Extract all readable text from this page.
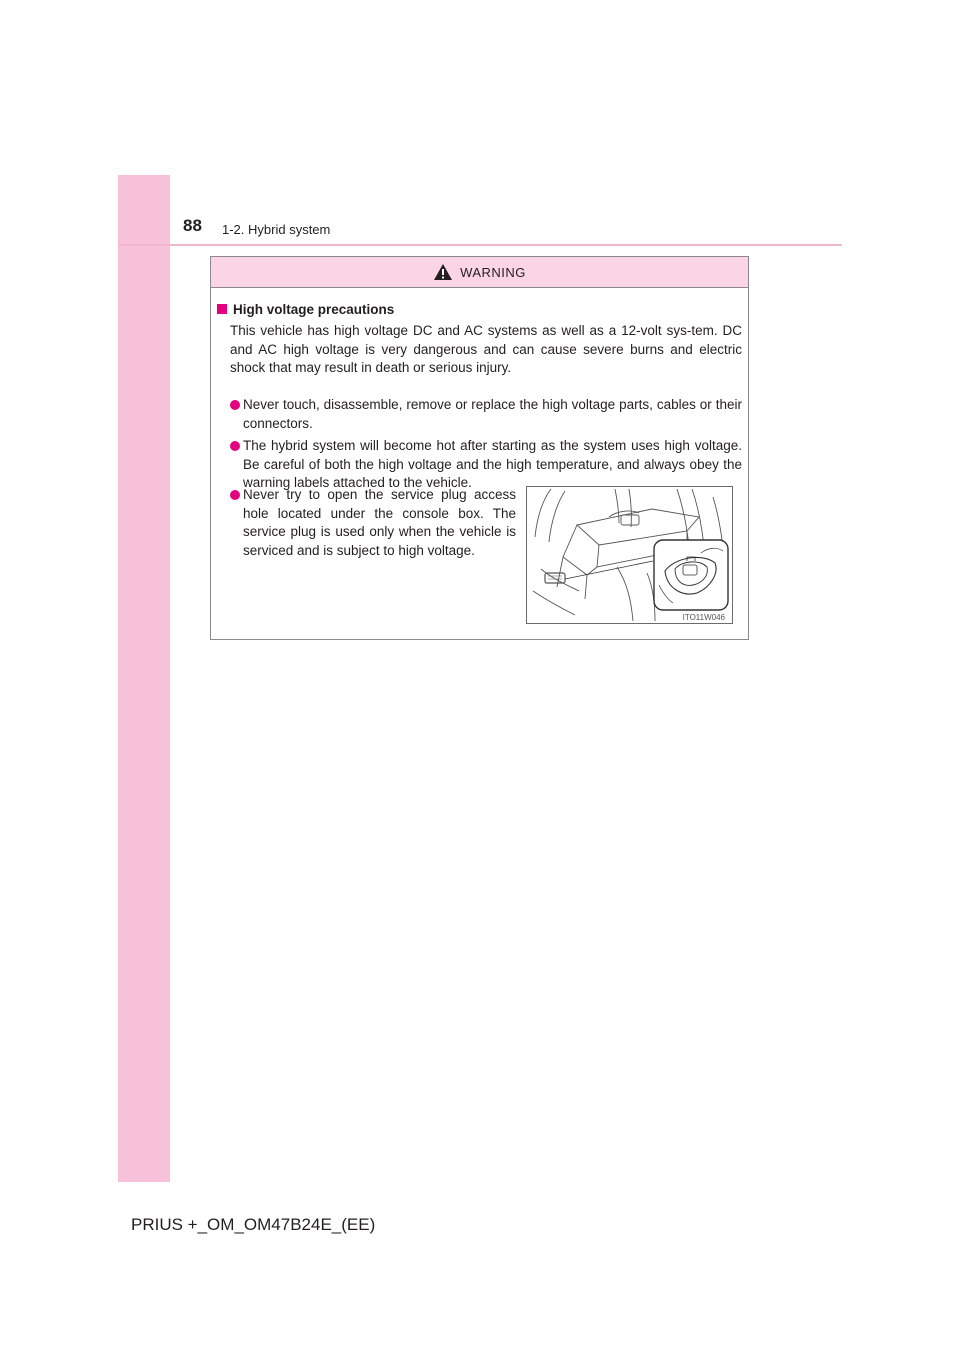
88 1-2. Hybrid system
WARNING
High voltage precautions

This vehicle has high voltage DC and AC systems as well as a 12-volt sys-tem. DC and AC high voltage is very dangerous and can cause severe burns and electric shock that may result in death or serious injury.

Never touch, disassemble, remove or replace the high voltage parts, cables or their connectors.
The hybrid system will become hot after starting as the system uses high voltage. Be careful of both the high voltage and the high temperature, and always obey the warning labels attached to the vehicle.
Never try to open the service plug access hole located under the console box. The service plug is used only when the vehicle is serviced and is subject to high voltage.
ITO11W046
PRIUS +_OM_OM47B24E_(EE)
